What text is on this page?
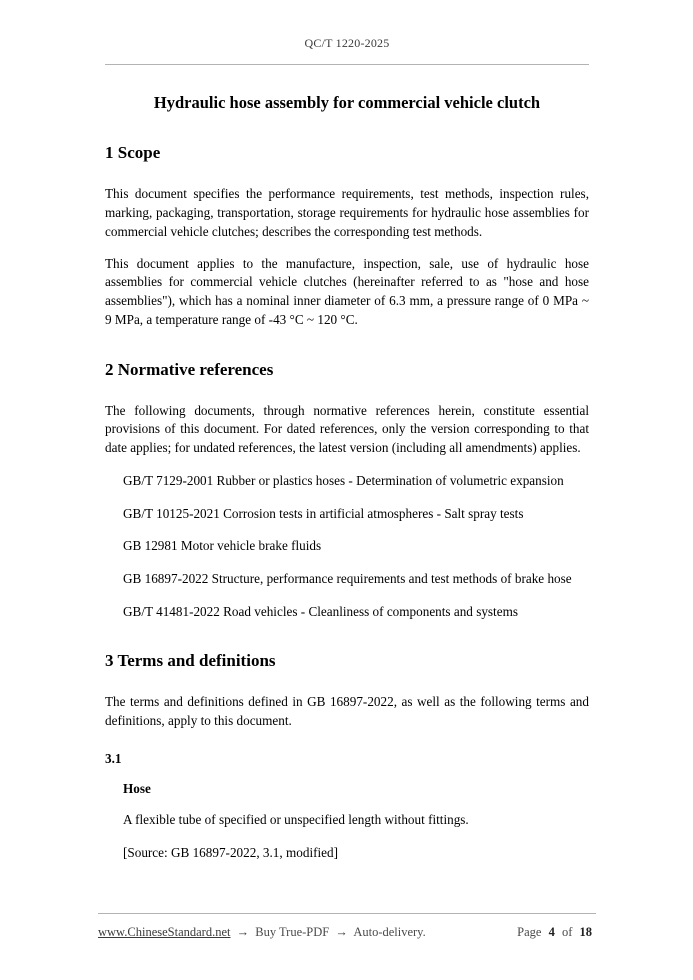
QC/T 1220-2025
Hydraulic hose assembly for commercial vehicle clutch
1 Scope

This document specifies the performance requirements, test methods, inspection rules, marking, packaging, transportation, storage requirements for hydraulic hose assemblies for commercial vehicle clutches; describes the corresponding test methods.

This document applies to the manufacture, inspection, sale, use of hydraulic hose assemblies for commercial vehicle clutches (hereinafter referred to as "hose and hose assemblies"), which has a nominal inner diameter of 6.3 mm, a pressure range of 0 MPa ~ 9 MPa, a temperature range of -43 °C ~ 120 °C.

2 Normative references

The following documents, through normative references herein, constitute essential provisions of this document. For dated references, only the version corresponding to that date applies; for undated references, the latest version (including all amendments) applies.

GB/T 7129-2001 Rubber or plastics hoses - Determination of volumetric expansion

GB/T 10125-2021 Corrosion tests in artificial atmospheres - Salt spray tests

GB 12981 Motor vehicle brake fluids

GB 16897-2022 Structure, performance requirements and test methods of brake hose

GB/T 41481-2022 Road vehicles - Cleanliness of components and systems

3 Terms and definitions

The terms and definitions defined in GB 16897-2022, as well as the following terms and definitions, apply to this document.

3.1

Hose

A flexible tube of specified or unspecified length without fittings.

[Source: GB 16897-2022, 3.1, modified]

www.ChineseStandard.net → Buy True-PDF → Auto-delivery.	Page 4 of 18
